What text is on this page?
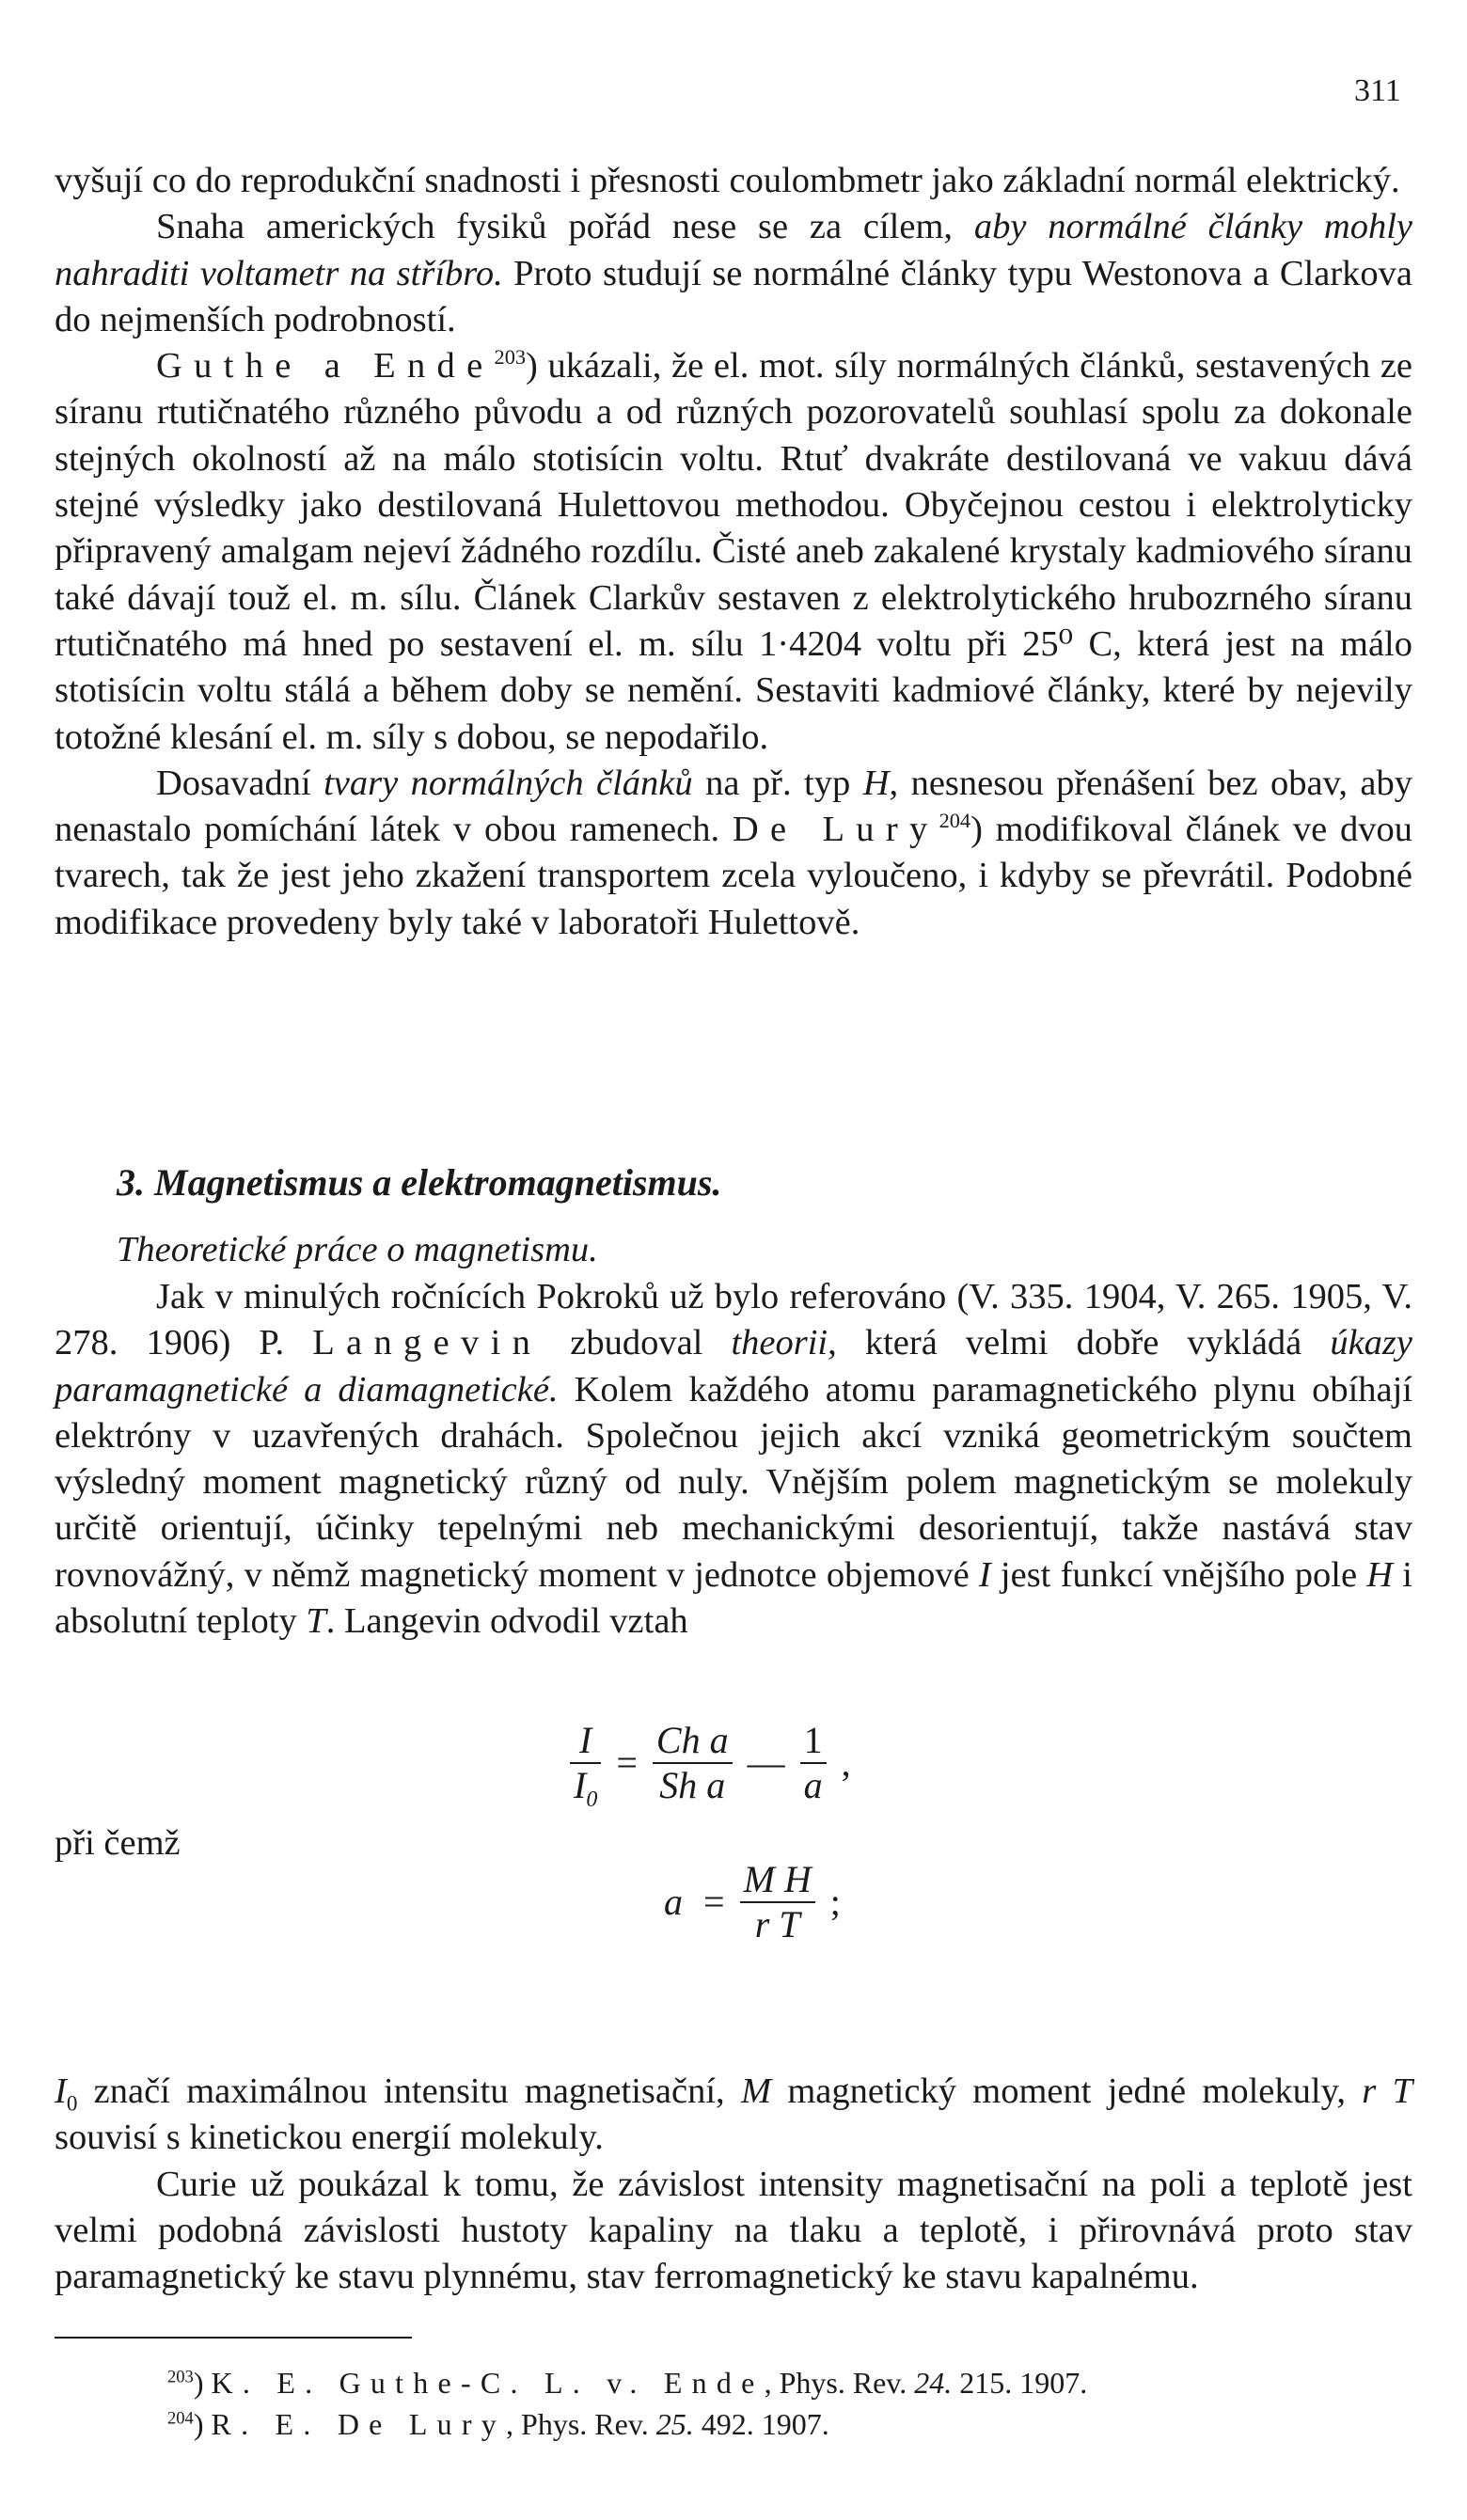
311

vyšují co do reprodukční snadnosti i přesnosti coulombmetr jako základní normál elektrický.

Snaha amerických fysiků pořád nese se za cílem, aby normálné články mohly nahraditi voltametr na stříbro. Proto studují se normálné články typu Westonova a Clarkova do nejmenších podrobností.

Guthe a Ende$^{203}$) ukázali, že el. mot. síly normálných článků, sestavených ze síranu rtutičnatého různého původu a od různých pozorovatelů souhlasí spolu za dokonale stejných okolností až na málo stotisícin voltu. Rtuť dvakráte destilovaná ve vakuu dává stejné výsledky jako destilovaná Hulettovou methodou. Obyčejnou cestou i elektrolyticky připravený amalgam nejeví žádného rozdílu. Čisté aneb zakalené krystaly kadmiového síranu také dávají touž el. m. sílu. Článek Clarkův sestaven z elektrolytického hrubozrného síranu rtutičnatého má hned po sestavení el. m. sílu 1·4204 voltu při 25⁰ C, která jest na málo stotisícin voltu stálá a během doby se nemění. Sestaviti kadmiové články, které by nejevily totožné klesání el. m. síly s dobou, se nepodařilo.

Dosavadní tvary normálných článků na př. typ H, nesnesou přenášení bez obav, aby nenastalo pomíchání látek v obou ramenech. De Lury$^{204}$) modifikoval článek ve dvou tvarech, tak že jest jeho zkažení transportem zcela vyloučeno, i kdyby se převrátil. Podobné modifikace provedeny byly také v laboratoři Hulettově.

3. Magnetismus a elektromagnetismus.
Theoretické práce o magnetismu.

Jak v minulých ročnících Pokroků už bylo referováno (V. 335. 1904, V. 265. 1905, V. 278. 1906) P. Langevin zbudoval theorii, která velmi dobře vykládá úkazy paramagnetické a diamagnetické. Kolem každého atomu paramagnetického plynu obíhají elektróny v uzavřených drahách. Společnou jejich akcí vzniká geometrickým součtem výsledný moment magnetický různý od nuly. Vnějším polem magnetickým se molekuly určitě orientují, účinky tepelnými neb mechanickými desorientují, takže nastává stav rovnovážný, v němž magnetický moment v jednotce objemové I jest funkcí vnějšího pole H i absolutní teploty T. Langevin odvodil vztah

$\frac{I}{I_0} = \frac{\text{Ch a}}{\text{Sh a}}$ — $\frac{1}{a}$ ,
při čemž
$a = \frac{\text{M H}}{\text{r T}}$ ;

$I_0$ značí maximálnou intensitu magnetisační, M magnetický moment jedné molekuly, r T souvisí s kinetickou energií molekuly.

Curie už poukázal k tomu, že závislost intensity magnetisační na poli a teplotě jest velmi podobná závislosti hustoty kapaliny na tlaku a teplotě, i přirovnává proto stav paramagnetický ke stavu plynnému, stav ferromagnetický ke stavu kapalnému.

$^{203}$) K. E. Guthe-C. L. v. Ende, Phys. Rev. 24. 215. 1907.
$^{204}$) R. E. De Lury, Phys. Rev. 25. 492. 1907.
